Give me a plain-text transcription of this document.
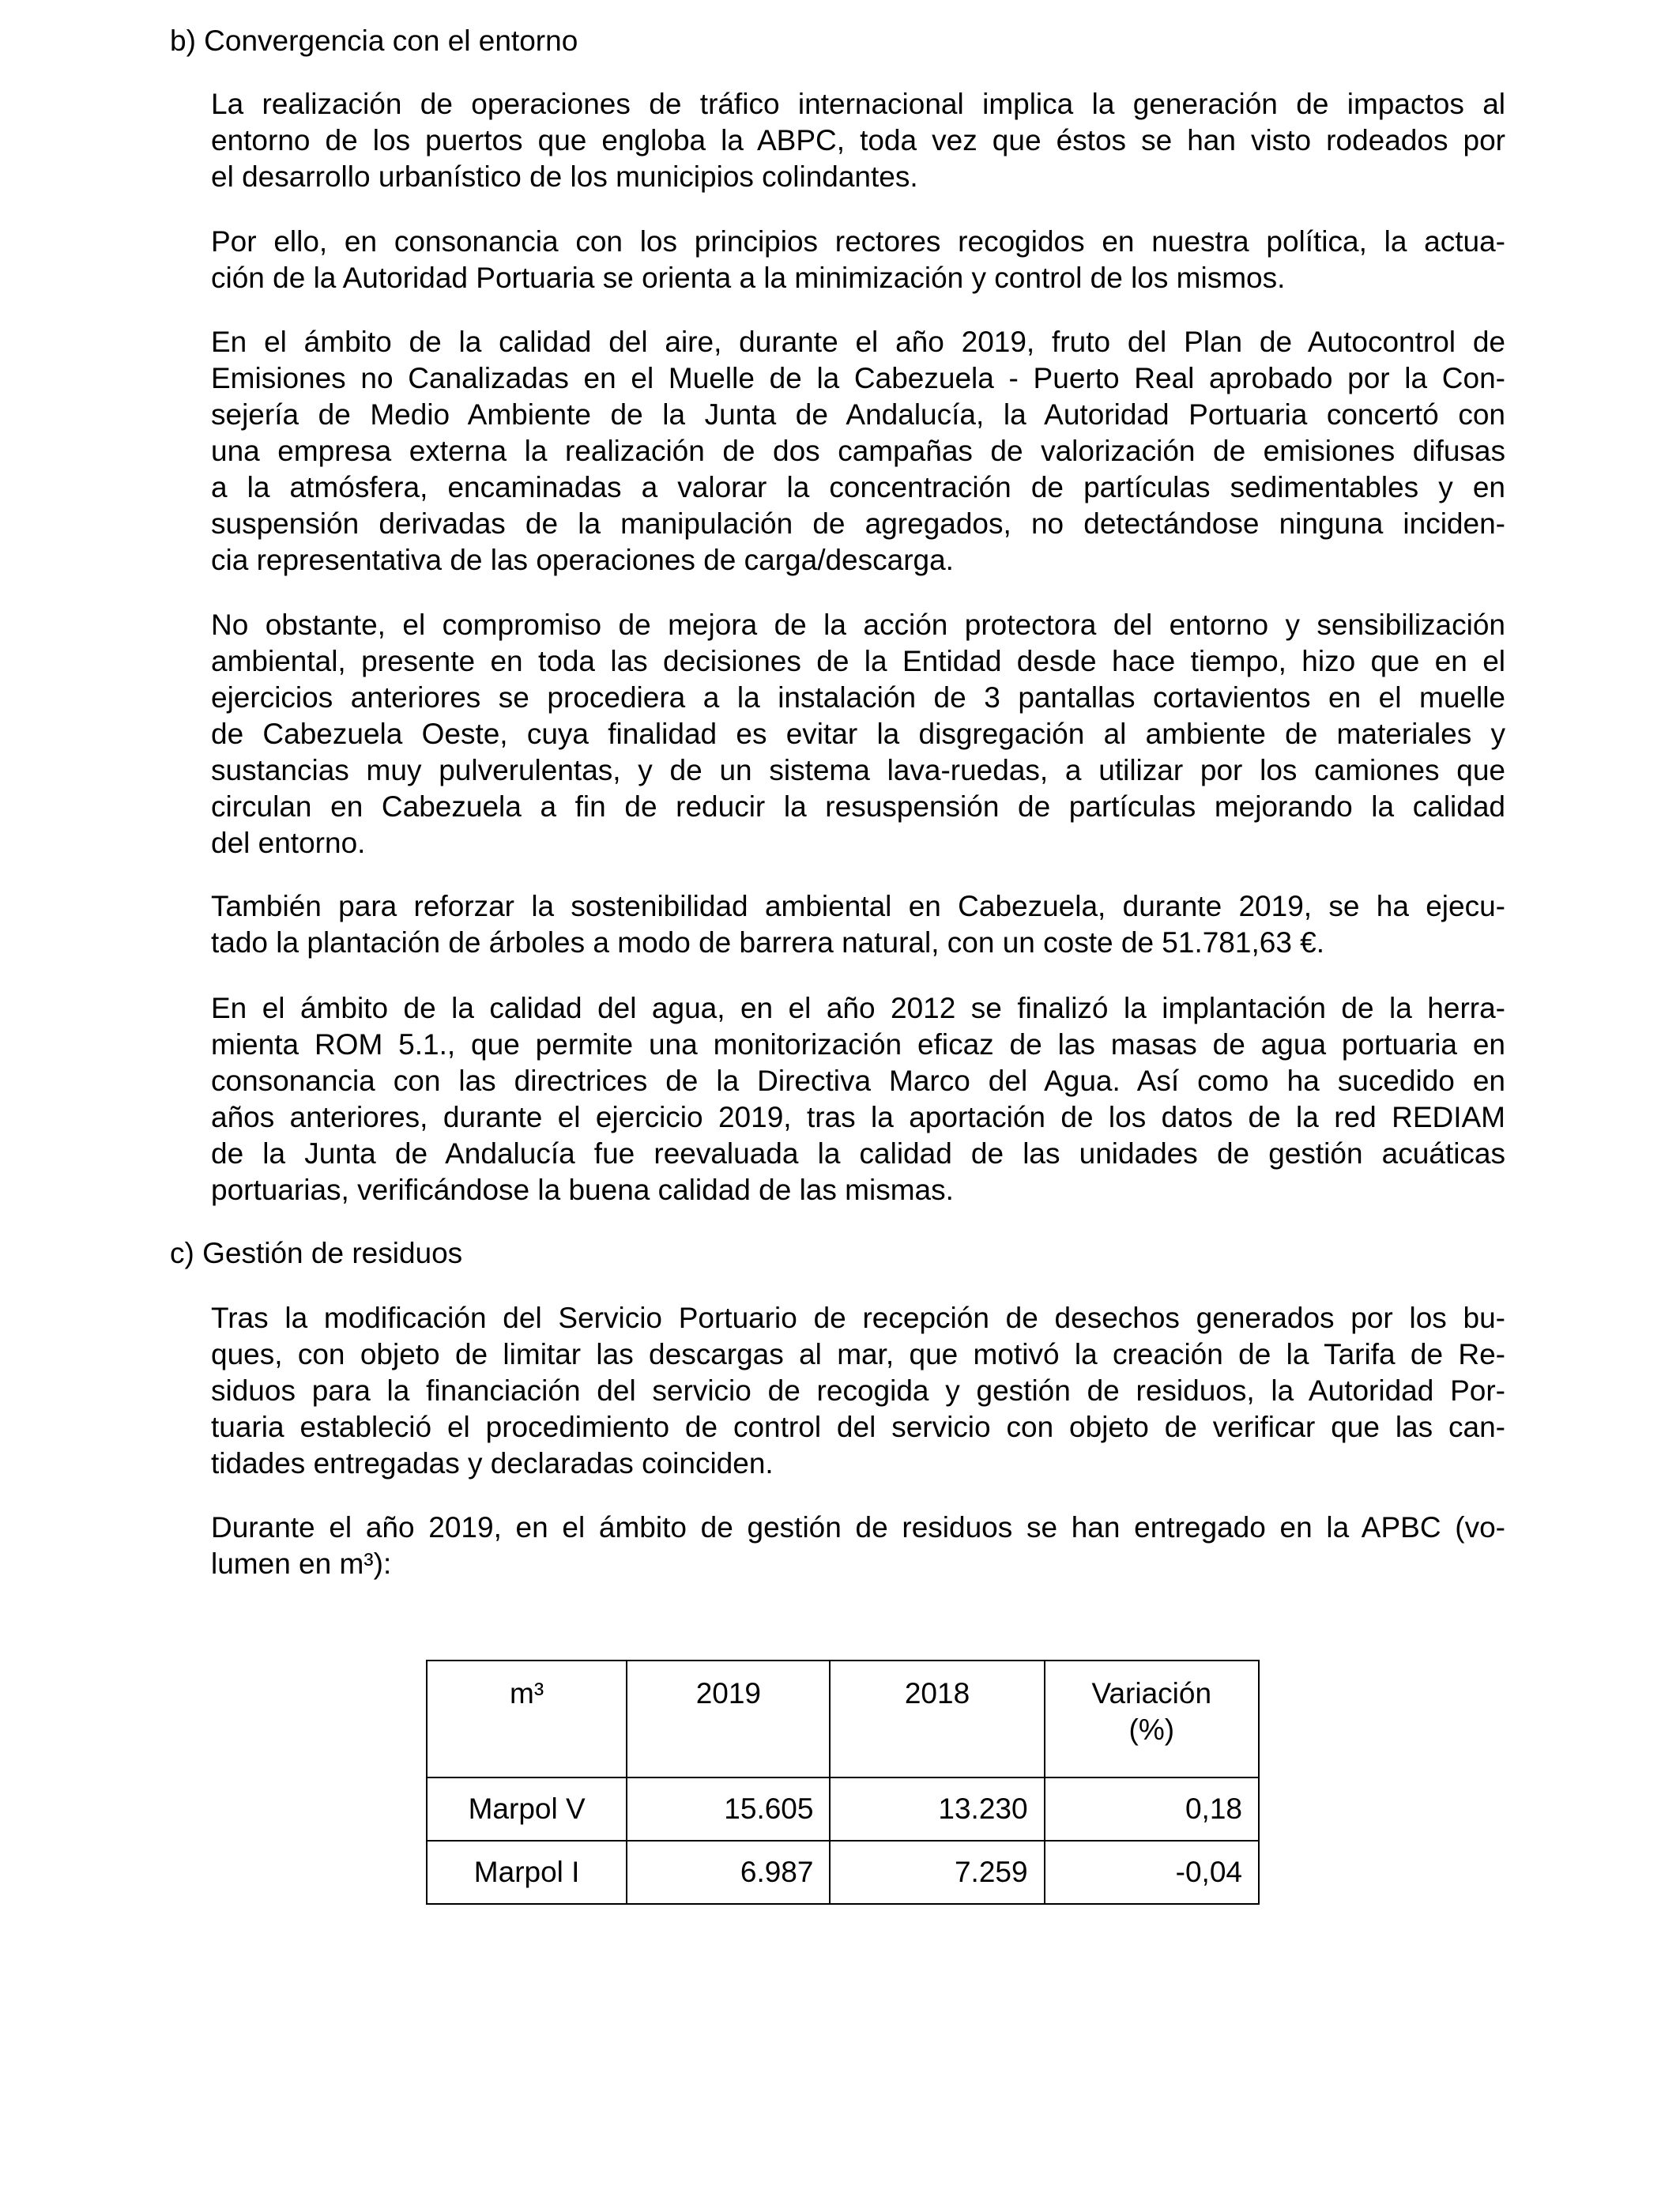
b) Convergencia con el entorno

La realización de operaciones de tráfico internacional implica la generación de impactos al
entorno de los puertos que engloba la ABPC, toda vez que éstos se han visto rodeados por
el desarrollo urbanístico de los municipios colindantes.

Por ello, en consonancia con los principios rectores recogidos en nuestra política, la actua-
ción de la Autoridad Portuaria se orienta a la minimización y control de los mismos.

En el ámbito de la calidad del aire, durante el año 2019, fruto del Plan de Autocontrol de
Emisiones no Canalizadas en el Muelle de la Cabezuela - Puerto Real aprobado por la Con-
sejería de Medio Ambiente de la Junta de Andalucía, la Autoridad Portuaria concertó con
una empresa externa la realización de dos campañas de valorización de emisiones difusas
a la atmósfera, encaminadas a valorar la concentración de partículas sedimentables y en
suspensión derivadas de la manipulación de agregados, no detectándose ninguna inciden-
cia representativa de las operaciones de carga/descarga.

No obstante, el compromiso de mejora de la acción protectora del entorno y sensibilización
ambiental, presente en toda las decisiones de la Entidad desde hace tiempo, hizo que en el
ejercicios anteriores se procediera a la instalación de 3 pantallas cortavientos en el muelle
de Cabezuela Oeste, cuya finalidad es evitar la disgregación al ambiente de materiales y
sustancias muy pulverulentas, y de un sistema lava-ruedas, a utilizar por los camiones que
circulan en Cabezuela a fin de reducir la resuspensión de partículas mejorando la calidad
del entorno.

También para reforzar la sostenibilidad ambiental en Cabezuela, durante 2019, se ha ejecu-
tado la plantación de árboles a modo de barrera natural, con un coste de 51.781,63 €.

En el ámbito de la calidad del agua, en el año 2012 se finalizó la implantación de la herra-
mienta ROM 5.1., que permite una monitorización eficaz de las masas de agua portuaria en
consonancia con las directrices de la Directiva Marco del Agua. Así como ha sucedido en
años anteriores, durante el ejercicio 2019, tras la aportación de los datos de la red REDIAM
de la Junta de Andalucía fue reevaluada la calidad de las unidades de gestión acuáticas
portuarias, verificándose la buena calidad de las mismas.

c) Gestión de residuos

Tras la modificación del Servicio Portuario de recepción de desechos generados por los bu-
ques, con objeto de limitar las descargas al mar, que motivó la creación de la Tarifa de Re-
siduos para la financiación del servicio de recogida y gestión de residuos, la Autoridad Por-
tuaria estableció el procedimiento de control del servicio con objeto de verificar que las can-
tidades entregadas y declaradas coinciden.

Durante el año 2019, en el ámbito de gestión de residuos se han entregado en la APBC (vo-
lumen en m³):

m³	2019	2018	Variación
(%)

Marpol V	15.605	13.230	0,18
Marpol I	6.987	7.259	-0,04
